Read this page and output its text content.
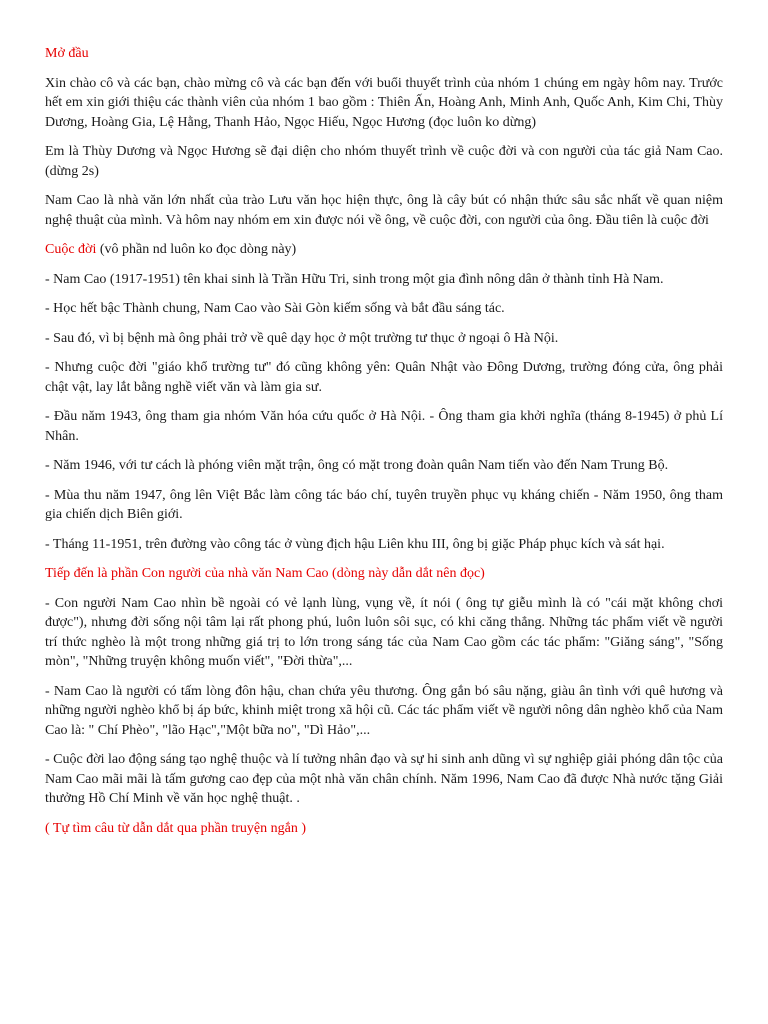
Mở đầu

Xin chào cô và các bạn, chào mừng cô và các bạn đến với buổi thuyết trình của nhóm 1 chúng em ngày hôm nay. Trước hết em xin giới thiệu các thành viên của nhóm 1 bao gồm : Thiên Ấn, Hoàng Anh, Minh Anh, Quốc Anh, Kim Chi, Thùy Dương, Hoàng Gia, Lệ Hằng, Thanh Hảo, Ngọc Hiếu, Ngọc Hương (đọc luôn ko dừng)

Em là Thùy Dương và Ngọc Hương sẽ đại diện cho nhóm thuyết trình về cuộc đời và con người của tác giả Nam Cao. (dừng 2s)

Nam Cao là nhà văn lớn nhất của trào Lưu văn học hiện thực, ông là cây bút có nhận thức sâu sắc nhất về quan niệm nghệ thuật của mình. Và hôm nay nhóm em xin được nói về ông, về cuộc đời, con người của ông. Đầu tiên là cuộc đời

Cuộc đời (vô phần nd luôn ko đọc dòng này)

- Nam Cao (1917-1951) tên khai sinh là Trần Hữu Tri, sinh trong một gia đình nông dân ở thành tỉnh Hà Nam.

- Học hết bậc Thành chung, Nam Cao vào Sài Gòn kiếm sống và bắt đầu sáng tác.

- Sau đó, vì bị bệnh mà ông phải trở về quê dạy học ở một trường tư thục ở ngoại ô Hà Nội.

- Nhưng cuộc đời "giáo khổ trường tư" đó cũng không yên: Quân Nhật vào Đông Dương, trường đóng cửa, ông phải chật vật, lay lắt bằng nghề viết văn và làm gia sư.

- Đầu năm 1943, ông tham gia nhóm Văn hóa cứu quốc ở Hà Nội. - Ông tham gia khởi nghĩa (tháng 8-1945) ở phủ Lí Nhân.

- Năm 1946, với tư cách là phóng viên mặt trận, ông có mặt trong đoàn quân Nam tiến vào đến Nam Trung Bộ.

- Mùa thu năm 1947, ông lên Việt Bắc làm công tác báo chí, tuyên truyền phục vụ kháng chiến - Năm 1950, ông tham gia chiến dịch Biên giới.

- Tháng 11-1951, trên đường vào công tác ở vùng địch hậu Liên khu III, ông bị giặc Pháp phục kích và sát hại.

Tiếp đến là phần Con người của nhà văn Nam Cao (dòng này dẫn dắt nên đọc)

- Con người Nam Cao nhìn bề ngoài có vẻ lạnh lùng, vụng về, ít nói ( ông tự giễu mình là có "cái mặt không chơi được"), nhưng đời sống nội tâm lại rất phong phú, luôn luôn sôi sục, có khi căng thẳng. Những tác phẩm viết về người trí thức nghèo là một trong những giá trị to lớn trong sáng tác của Nam Cao gồm các tác phẩm: "Giăng sáng", "Sống mòn", "Những truyện không muốn viết", "Đời thừa",...

- Nam Cao là người có tấm lòng đôn hậu, chan chứa yêu thương. Ông gắn bó sâu nặng, giàu ân tình với quê hương và những người nghèo khổ bị áp bức, khinh miệt trong xã hội cũ. Các tác phẩm viết về người nông dân nghèo khổ của Nam Cao là: " Chí Phèo", "lão Hạc","Một bữa no", "Dì Hảo",...

- Cuộc đời lao động sáng tạo nghệ thuộc và lí tưởng nhân đạo và sự hi sinh anh dũng vì sự nghiệp giải phóng dân tộc của Nam Cao mãi mãi là tấm gương cao đẹp của một nhà văn chân chính. Năm 1996, Nam Cao đã được Nhà nước tặng Giải thưởng Hồ Chí Minh về văn học nghệ thuật. .

( Tự tìm câu từ dẫn dắt qua phần truyện ngắn )
